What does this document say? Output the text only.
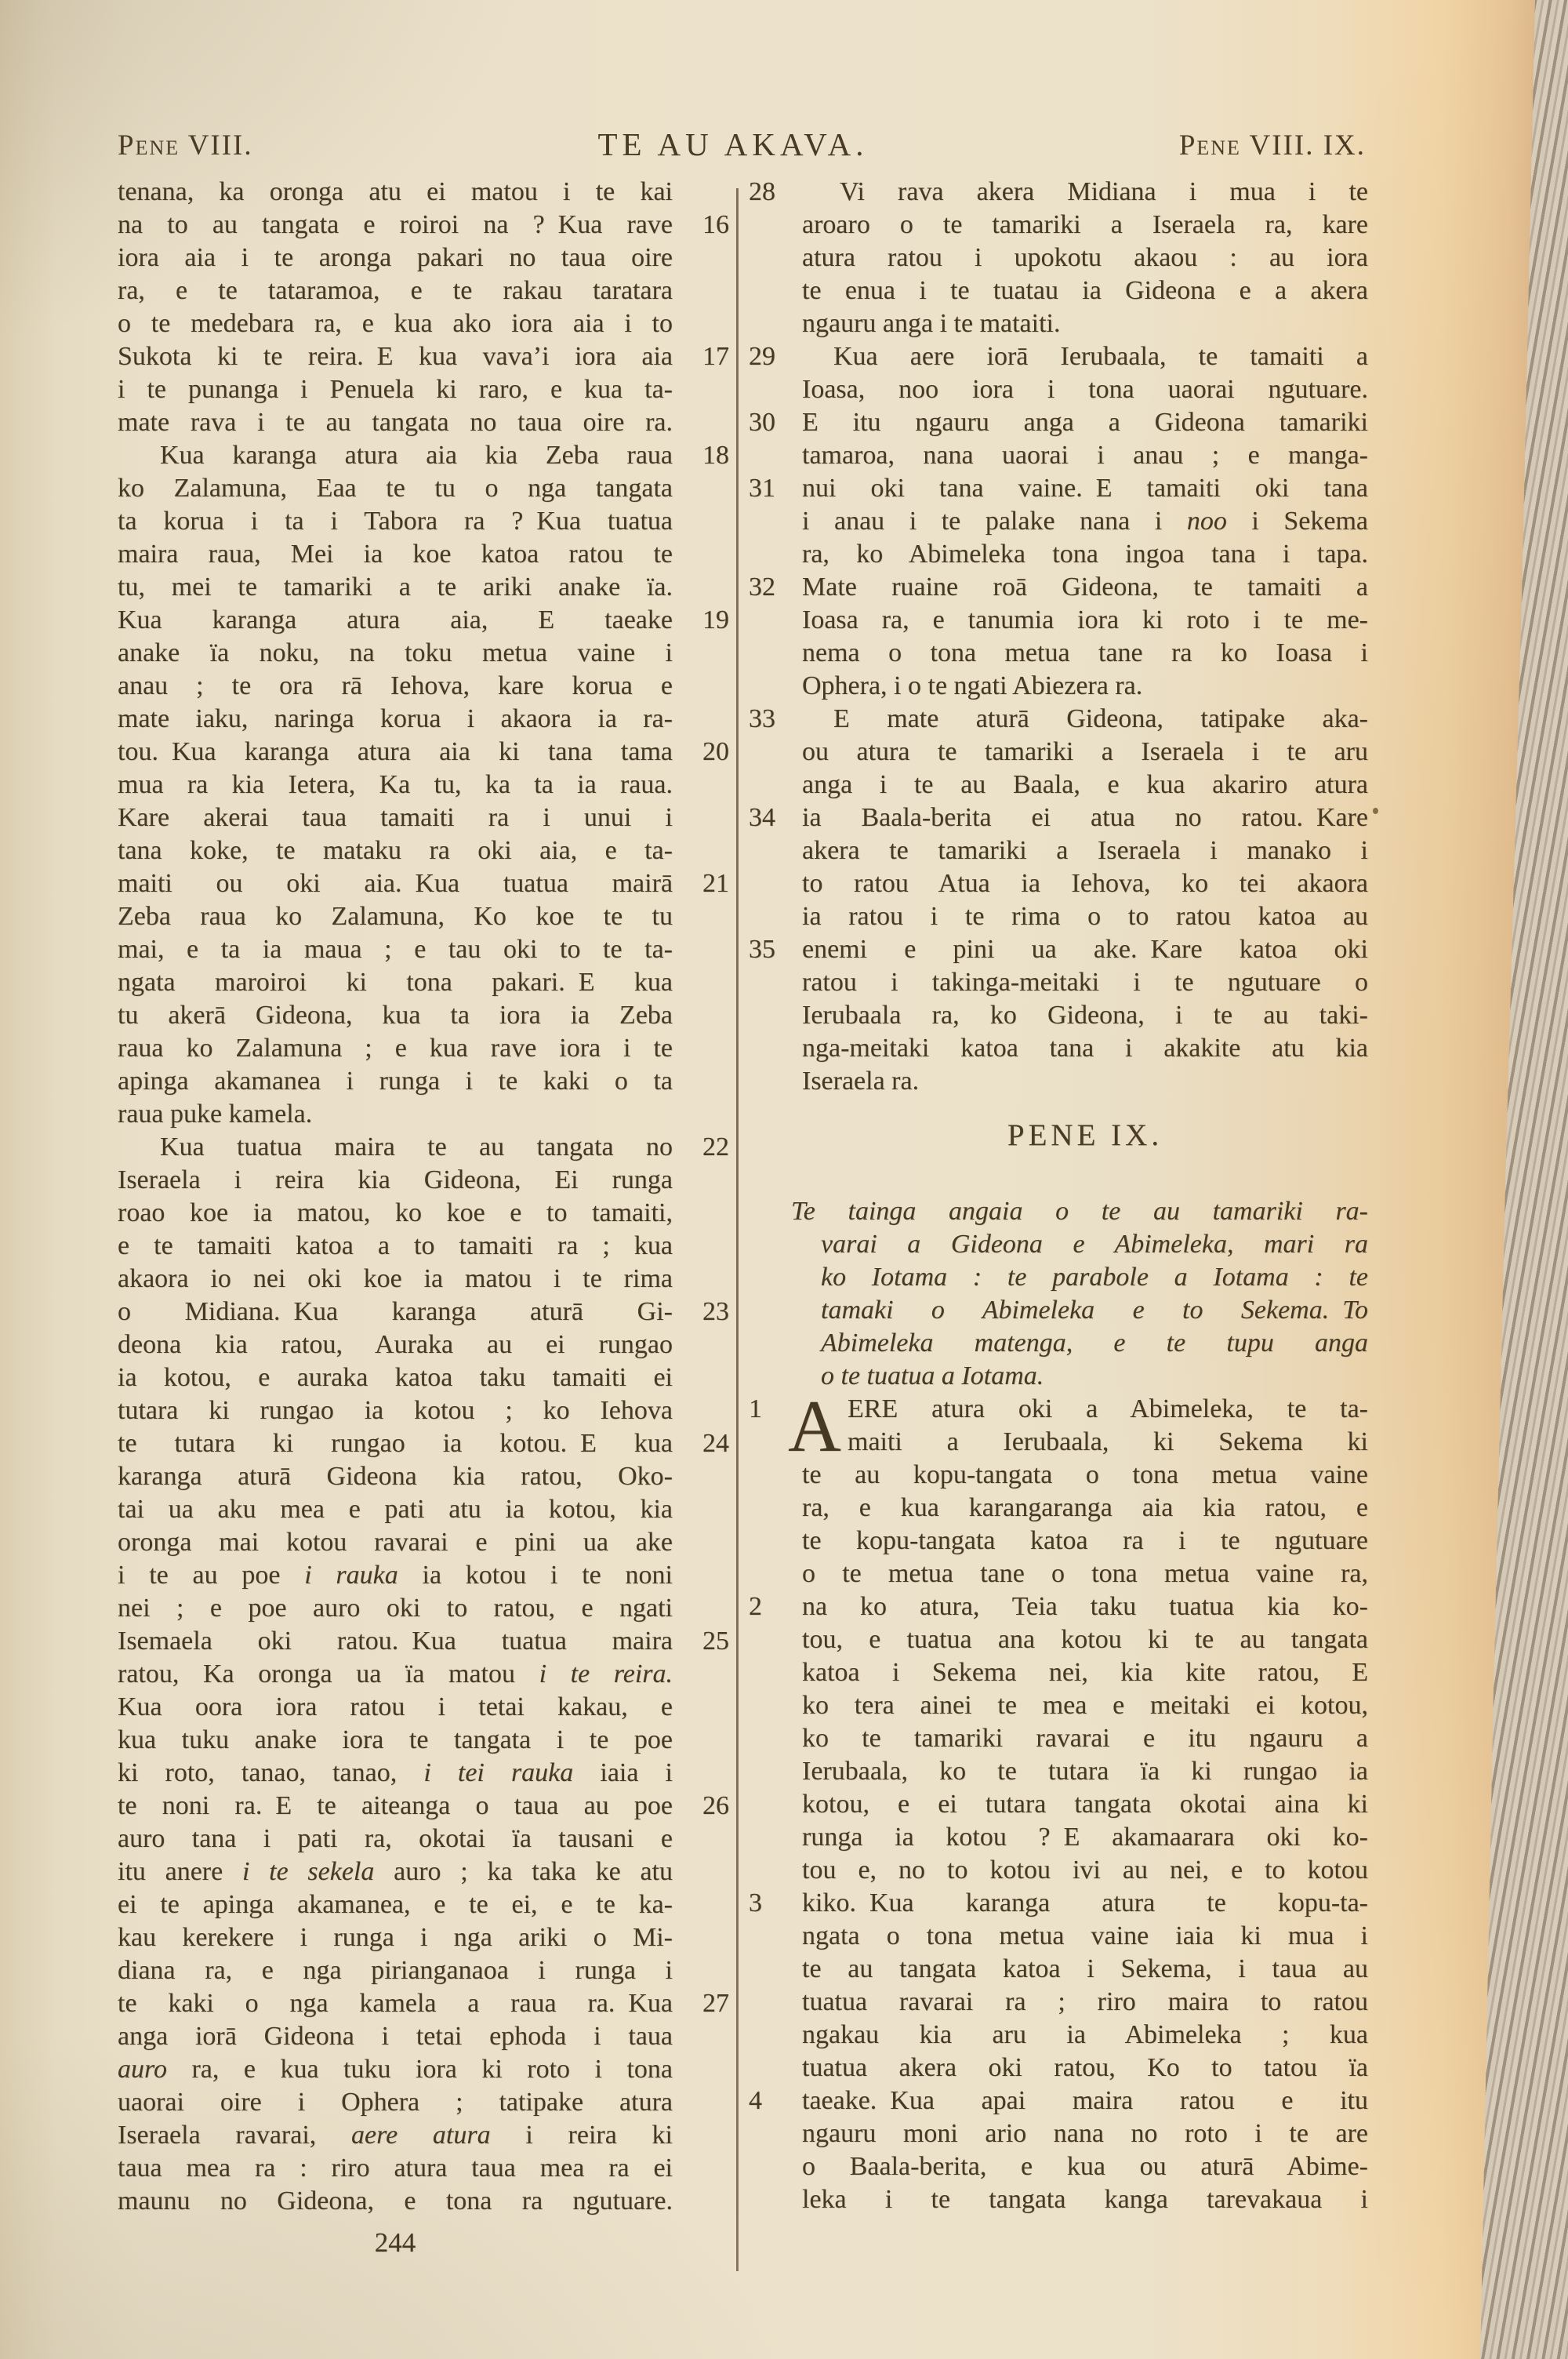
Pene VIII.	TE AU AKAVA.	Pene VIII. IX.
tenana, ka oronga atu ei matou i te kai
16
na to au tangata e roiroi na ? Kua rave
iora aia i te aronga pakari no taua oire
ra, e te tataramoa, e te rakau taratara
o te medebara ra, e kua ako iora aia i to
17
Sukota ki te reira. E kua vava’i iora aia
i te punanga i Penuela ki raro, e kua ta-
mate rava i te au tangata no taua oire ra.
18
Kua karanga atura aia kia Zeba raua
ko Zalamuna, Eaa te tu o nga tangata
ta korua i ta i Tabora ra ? Kua tuatua
maira raua, Mei ia koe katoa ratou te
tu, mei te tamariki a te ariki anake ïa.
19
Kua karanga atura aia, E taeake
anake ïa noku, na toku metua vaine i
anau ; te ora rā Iehova, kare korua e
mate iaku, naringa korua i akaora ia ra-
20
tou. Kua karanga atura aia ki tana tama
mua ra kia Ietera, Ka tu, ka ta ia raua.
Kare akerai taua tamaiti ra i unui i
tana koke, te mataku ra oki aia, e ta-
21
maiti ou oki aia. Kua tuatua mairā
Zeba raua ko Zalamuna, Ko koe te tu
mai, e ta ia maua ; e tau oki to te ta-
ngata maroiroi ki tona pakari. E kua
tu akerā Gideona, kua ta iora ia Zeba
raua ko Zalamuna ; e kua rave iora i te
apinga akamanea i runga i te kaki o ta
raua puke kamela.
22
Kua tuatua maira te au tangata no
Iseraela i reira kia Gideona, Ei runga
roao koe ia matou, ko koe e to tamaiti,
e te tamaiti katoa a to tamaiti ra ; kua
akaora io nei oki koe ia matou i te rima
23
o Midiana. Kua karanga aturā Gi-
deona kia ratou, Auraka au ei rungao
ia kotou, e auraka katoa taku tamaiti ei
tutara ki rungao ia kotou ; ko Iehova
24
te tutara ki rungao ia kotou. E kua
karanga aturā Gideona kia ratou, Oko-
tai ua aku mea e pati atu ia kotou, kia
oronga mai kotou ravarai e pini ua ake
i te au poe i rauka ia kotou i te noni
nei ; e poe auro oki to ratou, e ngati
25
Isemaela oki ratou. Kua tuatua maira
ratou, Ka oronga ua ïa matou i te reira.
Kua oora iora ratou i tetai kakau, e
kua tuku anake iora te tangata i te poe
ki roto, tanao, tanao, i tei rauka iaia i
26
te noni ra. E te aiteanga o taua au poe
auro tana i pati ra, okotai ïa tausani e
itu anere i te sekela auro ; ka taka ke atu
ei te apinga akamanea, e te ei, e te ka-
kau kerekere i runga i nga ariki o Mi-
diana ra, e nga pirianganaoa i runga i
27
te kaki o nga kamela a raua ra. Kua
anga iorā Gideona i tetai ephoda i taua
auro ra, e kua tuku iora ki roto i tona
uaorai oire i Ophera ; tatipake atura
Iseraela ravarai, aere atura i reira ki
taua mea ra : riro atura taua mea ra ei
maunu no Gideona, e tona ra ngutuare.
28 Vi rava akera Midiana i mua i te
aroaro o te tamariki a Iseraela ra, kare
atura ratou i upokotu akaou : au iora
te enua i te tuatau ia Gideona e a akera
ngauru anga i te mataiti.
29 Kua aere iorā Ierubaala, te tamaiti a
Ioasa, noo iora i tona uaorai ngutuare.
30 E itu ngauru anga a Gideona tamariki
tamaroa, nana uaorai i anau ; e manga-
31 nui oki tana vaine. E tamaiti oki tana
i anau i te palake nana i noo i Sekema
ra, ko Abimeleka tona ingoa tana i tapa.
32 Mate ruaine roā Gideona, te tamaiti a
Ioasa ra, e tanumia iora ki roto i te me-
nema o tona metua tane ra ko Ioasa i
Ophera, i o te ngati Abiezera ra.
33 E mate aturā Gideona, tatipake aka-
ou atura te tamariki a Iseraela i te aru
anga i te au Baala, e kua akariro atura
34 ia Baala-berita ei atua no ratou. Kare
akera te tamariki a Iseraela i manako i
to ratou Atua ia Iehova, ko tei akaora
ia ratou i te rima o to ratou katoa au
35 enemi e pini ua ake. Kare katoa oki
ratou i takinga-meitaki i te ngutuare o
Ierubaala ra, ko Gideona, i te au taki-
nga-meitaki katoa tana i akakite atu kia
Iseraela ra.
PENE IX.
Te tainga angaia o te au tamariki ra-
varai a Gideona e Abimeleka, mari ra
ko Iotama : te parabole a Iotama : te
tamaki o Abimeleka e to Sekema. To
Abimeleka matenga, e te tupu anga
o te tuatua a Iotama.
1 A ERE atura oki a Abimeleka, te ta-
maiti a Ierubaala, ki Sekema ki
te au kopu-tangata o tona metua vaine
ra, e kua karangaranga aia kia ratou, e
te kopu-tangata katoa ra i te ngutuare
o te metua tane o tona metua vaine ra,
2 na ko atura, Teia taku tuatua kia ko-
tou, e tuatua ana kotou ki te au tangata
katoa i Sekema nei, kia kite ratou, E
ko tera ainei te mea e meitaki ei kotou,
ko te tamariki ravarai e itu ngauru a
Ierubaala, ko te tutara ïa ki rungao ia
kotou, e ei tutara tangata okotai aina ki
runga ia kotou ? E akamaarara oki ko-
tou e, no to kotou ivi au nei, e to kotou
3 kiko. Kua karanga atura te kopu-ta-
ngata o tona metua vaine iaia ki mua i
te au tangata katoa i Sekema, i taua au
tuatua ravarai ra ; riro maira to ratou
ngakau kia aru ia Abimeleka ; kua
tuatua akera oki ratou, Ko to tatou ïa
4 taeake. Kua apai maira ratou e itu
ngauru moni ario nana no roto i te are
o Baala-berita, e kua ou aturā Abime-
leka i te tangata kanga tarevakaua i
244
